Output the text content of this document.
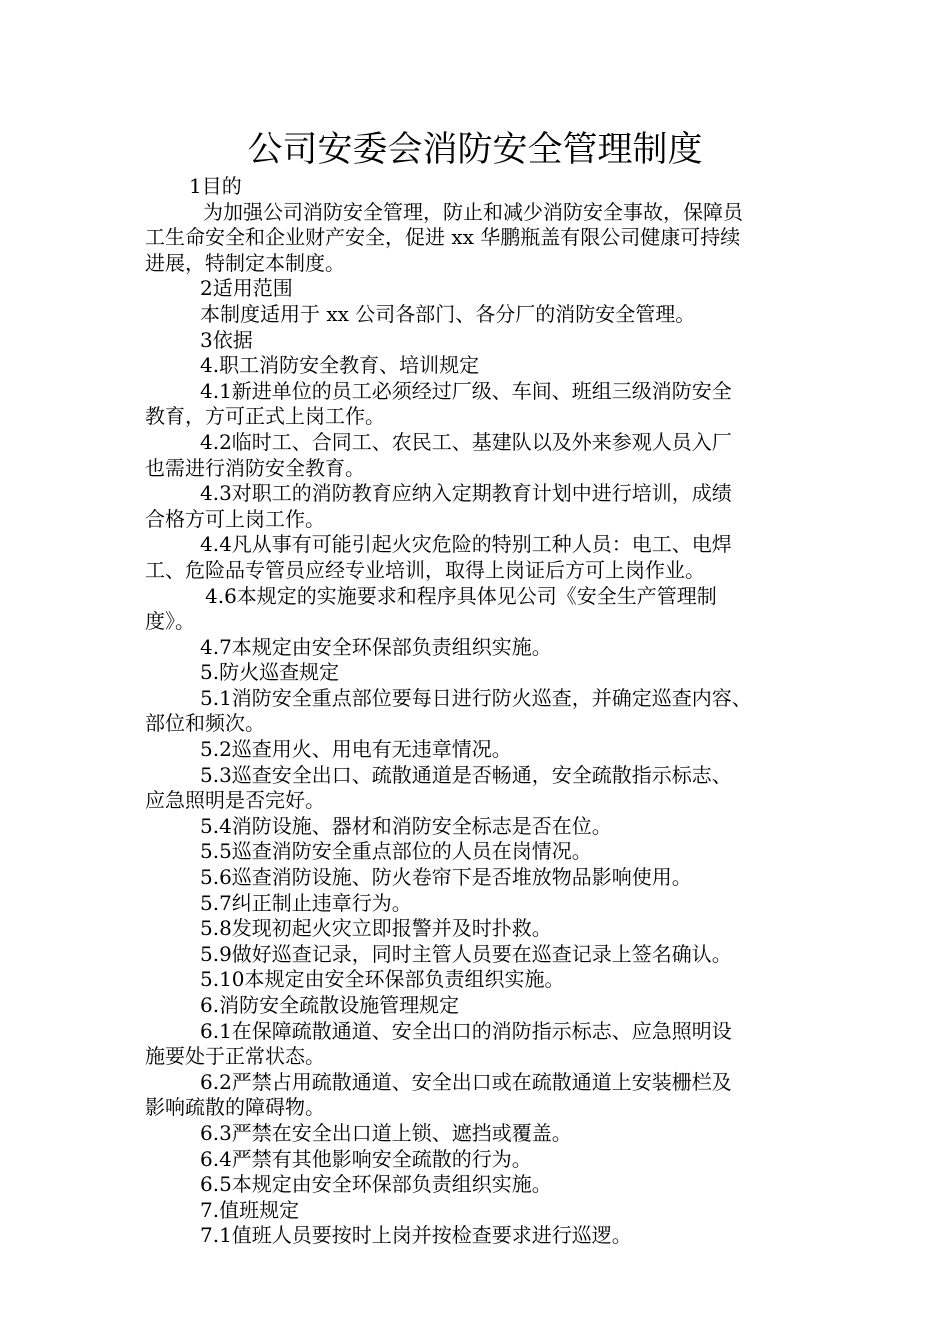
公司安委会消防安全管理制度
1目的
为加强公司消防安全管理，防止和减少消防安全事故，保障员
工生命安全和企业财产安全，促进 xx 华鹏瓶盖有限公司健康可持续
进展，特制定本制度。
2适用范围
本制度适用于 xx 公司各部门、各分厂的消防安全管理。
3依据
4.职工消防安全教育、培训规定
4.1新进单位的员工必须经过厂级、车间、班组三级消防安全
教育，方可正式上岗工作。
4.2临时工、合同工、农民工、基建队以及外来参观人员入厂
也需进行消防安全教育。
4.3对职工的消防教育应纳入定期教育计划中进行培训，成绩
合格方可上岗工作。
4.4凡从事有可能引起火灾危险的特别工种人员：电工、电焊
工、危险品专管员应经专业培训，取得上岗证后方可上岗作业。
4.6本规定的实施要求和程序具体见公司《安全生产管理制
度》。
4.7本规定由安全环保部负责组织实施。
5.防火巡查规定
5.1消防安全重点部位要每日进行防火巡查，并确定巡查内容、
部位和频次。
5.2巡查用火、用电有无违章情况。
5.3巡查安全出口、疏散通道是否畅通，安全疏散指示标志、
应急照明是否完好。
5.4消防设施、器材和消防安全标志是否在位。
5.5巡查消防安全重点部位的人员在岗情况。
5.6巡查消防设施、防火卷帘下是否堆放物品影响使用。
5.7纠正制止违章行为。
5.8发现初起火灾立即报警并及时扑救。
5.9做好巡查记录，同时主管人员要在巡查记录上签名确认。
5.10本规定由安全环保部负责组织实施。
6.消防安全疏散设施管理规定
6.1在保障疏散通道、安全出口的消防指示标志、应急照明设
施要处于正常状态。
6.2严禁占用疏散通道、安全出口或在疏散通道上安装栅栏及
影响疏散的障碍物。
6.3严禁在安全出口道上锁、遮挡或覆盖。
6.4严禁有其他影响安全疏散的行为。
6.5本规定由安全环保部负责组织实施。
7.值班规定
7.1值班人员要按时上岗并按检查要求进行巡逻。
